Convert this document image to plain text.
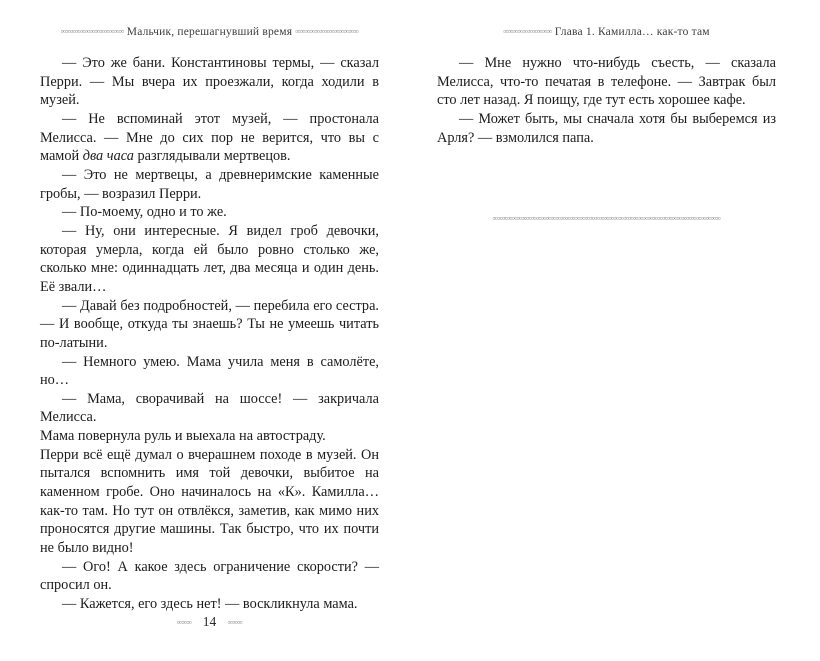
∞∞∞∞∞∞∞∞∞∞∞∞∞ Мальчик, перешагнувший время ∞∞∞∞∞∞∞∞∞∞∞∞∞

— Это же бани. Константиновы термы, — сказал Перри. — Мы вчера их проезжали, когда ходили в музей.

— Не вспоминай этот музей, — простонала Мелисса. — Мне до сих пор не верится, что вы с мамой два часа разглядывали мертвецов.

— Это не мертвецы, а древнеримские каменные гробы, — возразил Перри.

— По-моему, одно и то же.

— Ну, они интересные. Я видел гроб девочки, которая умерла, когда ей было ровно столько же, сколько мне: одиннадцать лет, два месяца и один день. Её звали…

— Давай без подробностей, — перебила его сестра. — И вообще, откуда ты знаешь? Ты не умеешь читать по-латыни.

— Немного умею. Мама учила меня в самолёте, но…

— Мама, сворачивай на шоссе! — закричала Мелисса.

Мама повернула руль и выехала на автостраду.

Перри всё ещё думал о вчерашнем походе в музей. Он пытался вспомнить имя той девочки, выбитое на каменном гробе. Оно начиналось на «К». Камилла… как-то там. Но тут он отвлёкся, заметив, как мимо них проносятся другие машины. Так быстро, что их почти не было видно!

— Ого! А какое здесь ограничение скорости? — спросил он.

— Кажется, его здесь нет! — воскликнула мама.

∞∞∞ 14 ∞∞∞
∞∞∞∞∞∞∞∞∞∞ Глава 1. Камилла… как-то там

— Мне нужно что-нибудь съесть, — сказала Мелисса, что-то печатая в телефоне. — Завтрак был сто лет назад. Я поищу, где тут есть хорошее кафе.

— Может быть, мы сначала хотя бы выберемся из Арля? — взмолился папа.

∞∞∞∞∞∞∞∞∞∞∞∞∞∞∞∞∞∞∞∞∞∞∞∞∞∞∞∞∞∞∞∞∞∞∞∞∞∞∞∞∞∞∞∞∞∞∞
